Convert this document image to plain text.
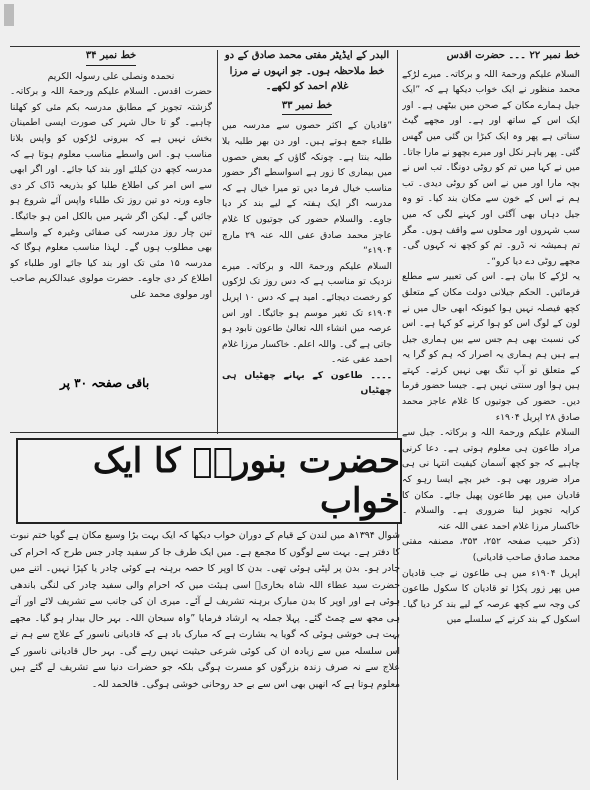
خط نمبر ۲۲ ۔۔۔ حضرت اقدس

السلام علیکم ورحمۃ اللہ و برکاتہ۔ میرے لڑکے محمد منظور نے ایک خواب دیکھا ہے کہ ”ایک جیل ہمارے مکان کے صحن میں بیٹھی ہے۔ اور ایک اس کے ساتھ اور ہے۔ اور مجھے گیٹ سناتی ہے پھر وہ ایک کبڑا بن گئی میں گھس گئی۔ پھر باہر نکل اور میرے بچھو نے مارا جاتا۔ میں نے کہا میں تم کو روٹی دونگا۔ تب اس نے بچہ مارا اور میں نے اس کو روٹی دیدی۔ تب ہم نے اس کے خون سے مکان بند کیا۔ تو وہ جیل دہاں بھی آگئی اور کہنے لگی کہ میں سب شہروں اور محلوں سے واقف ہوں۔ مگر تم ہمیشہ نہ ڈرو۔ تم کو کچھ نہ کہوں گی۔ مجھے روٹی دے دیا کرو“۔

یہ لڑکے کا بیان ہے۔ اس کی تعبیر سے مطلع فرمائیں۔ الحکم جیلانی دولت مکان کے متعلق کچھ فیصلہ نہیں ہوا کیونکہ ابھی حال میں نے لون کے لوگ اس کو ہوا کرنے کو کہا ہے۔ اس کی نسبت بھی ہم جس سے بیں ہماری جیل ہے ہیں ہم ہماری یہ اصرار کہ ہم کو گرا یہ کے متعلق تو آپ تنگ بھی نہیں کرتے۔ کہتے ہیں ہوا اور سنتی نہیں ہے۔ جیسا حضور فرما دیں۔ حضور کی جوتیوں کا غلام عاجز محمد صادق ۲۸ اپریل ۱۹۰۴ء

السلام علیکم ورحمۃ اللہ و برکاتہ۔ جیل سے مراد طاعون ہی معلوم ہوتی ہے۔ دعا کرنی چاہیے کہ جو کچھ آسمان کیفیت انتہا نی ہی مراد ضرور بھی ہو۔ خیر بچے ایسا رہو کہ قادیان میں پھر طاعون پھیل جائے۔ مکان کا کرایہ تجویز لینا ضروری ہے۔ والسلام ۔ خاکسار مرزا غلام احمد عفی اللہ عنہ

(ذکر حبیب صفحہ ۲۵۲، ۳۵۳، مصنفہ مفتی محمد صادق صاحب قادیانی)

اپریل ۱۹۰۴ء میں ہی طاعون نے جب قادیان میں پھر زور پکڑا تو قادیان کا سکول طاعون کی وجہ سے کچھ عرصہ کے لیے بند کر دیا گیا۔ اسکول کے بند کرنے کے سلسلے میں

البدر کے ایڈیٹر مفتی محمد صادق کے دو خط ملاحظہ ہوں۔ جو انہوں نے مرزا غلام احمد کو لکھے۔
خط نمبر ۳۳

”قادیان کے اکثر حصوں سے مدرسہ میں طلباء جمع ہوتے ہیں۔ اور دن بھر طلبہ بلا طلبہ بنتا ہے۔ چونکہ گاؤں کے بعض حصوں میں بیماری کا زور ہے اسواسطے اگر حضور مناسب خیال فرما دیں تو میرا خیال ہے کہ مدرسہ اگر ایک ہفتہ کے لیے بند کر دیا جاوے۔ والسلام حضور کی جوتیوں کا غلام عاجز محمد صادق عفی اللہ عنہ ۲۹ مارچ ۱۹۰۴ء“

السلام علیکم ورحمۃ اللہ و برکاتہ۔ میرے نزدیک تو مناسب ہے کہ دس روز تک لڑکوں کو رخصت دیجائے۔ امید ہے کہ دس ۱۰ اپریل ۱۹۰۴ء تک تغیر موسم ہو جائیگا۔ اور اس عرصہ میں انشاء اللہ تعالیٰ طاعون نابود ہو جاتی ہے گی۔ واللہ اعلم۔ خاکسار مرزا غلام احمد عفی عنہ۔

۔۔۔۔ طاعون کے بہانے چھٹیاں ہی چھٹیاں

خط نمبر ۳۴
نحمدہ ونصلی علی رسولہ الکریم

حضرت اقدس۔ السلام علیکم ورحمۃ اللہ و برکاتہ۔ گزشتہ تجویز کے مطابق مدرسہ بکم مئی کو کھلنا چاہیے۔ گو تا حال شہر کی صورت ایسی اطمینان بخش نہیں ہے کہ بیرونی لڑکوں کو واپس بلانا مناسب ہو۔ اس واسطے مناسب معلوم ہوتا ہے کہ مدرسہ کچھ دن کیلئے اور بند کیا جائے۔ اور اگر ابھی سے اس امر کی اطلاع طلبا کو بذریعہ ڈاک کر دی جاوے ورنہ دو تین روز تک طلباء واپس آئے شروع ہو جائیں گے۔ لیکن اگر شہر میں بالکل امن ہو جائیگا۔ تین چار روز مدرسہ کی صفائی وغیرہ کے واسطے بھی مطلوب ہوں گے۔ لہذا مناسب معلوم ہوگا کہ مدرسہ ۱۵ مئی تک اور بند کیا جائے اور طلباء کو اطلاع کر دی جاوے۔ حضرت مولوی عبدالکریم صاحب اور مولوی محمد علی

باقی صفحہ ۳۰ پر
حضرت بنوریؒ کا ایک خواب

شوال ۱۳۹۴ھ میں لندن کے قیام کے دوران خواب دیکھا کہ ایک بہت بڑا وسیع مکان ہے گویا ختم نبوت کا دفتر ہے۔ بہت سے لوگوں کا مجمع ہے۔ میں ایک طرف جا کر سفید چادر جس طرح کہ احرام کی چادر ہو۔ بدن پر لپٹی ہوئی تھی۔ بدن کا اوپر کا حصہ برہنہ ہے کوئی چادر یا کپڑا نہیں۔ اتنے میں حضرت سید عطاء اللہ شاہ بخاریؒ اسی ہیئت میں کہ احرام والی سفید چادر کی لنگی باندھی ہوئی ہے اور اوپر کا بدن مبارک برہنہ تشریف لے آئے۔ میری ان کی جانب سے تشریف لائے اور آتے ہی مجھ سے چمٹ گئے۔ پہلا جملہ یہ ارشاد فرمایا ”واہ سبحان اللہ۔ بہر حال بیدار ہو گیا۔ مجھے بہت ہی خوشی ہوئی کہ گویا یہ بشارت ہے کہ مبارک باد ہے کہ قادیانی ناسور کے علاج سے ہم نے اس سلسلہ میں سے زیادہ ان کی کوئی شرعی حیثیت نہیں رہے گی۔ بہر حال قادیانی ناسور کے علاج سے نہ صرف زندہ بزرگوں کو مسرت ہوگی بلکہ جو حضرات دنیا سے تشریف لے گئے ہیں معلوم ہوتا ہے کہ انھیں بھی اس سے بے حد روحانی خوشی ہوگی۔ فالحمد للہ۔
